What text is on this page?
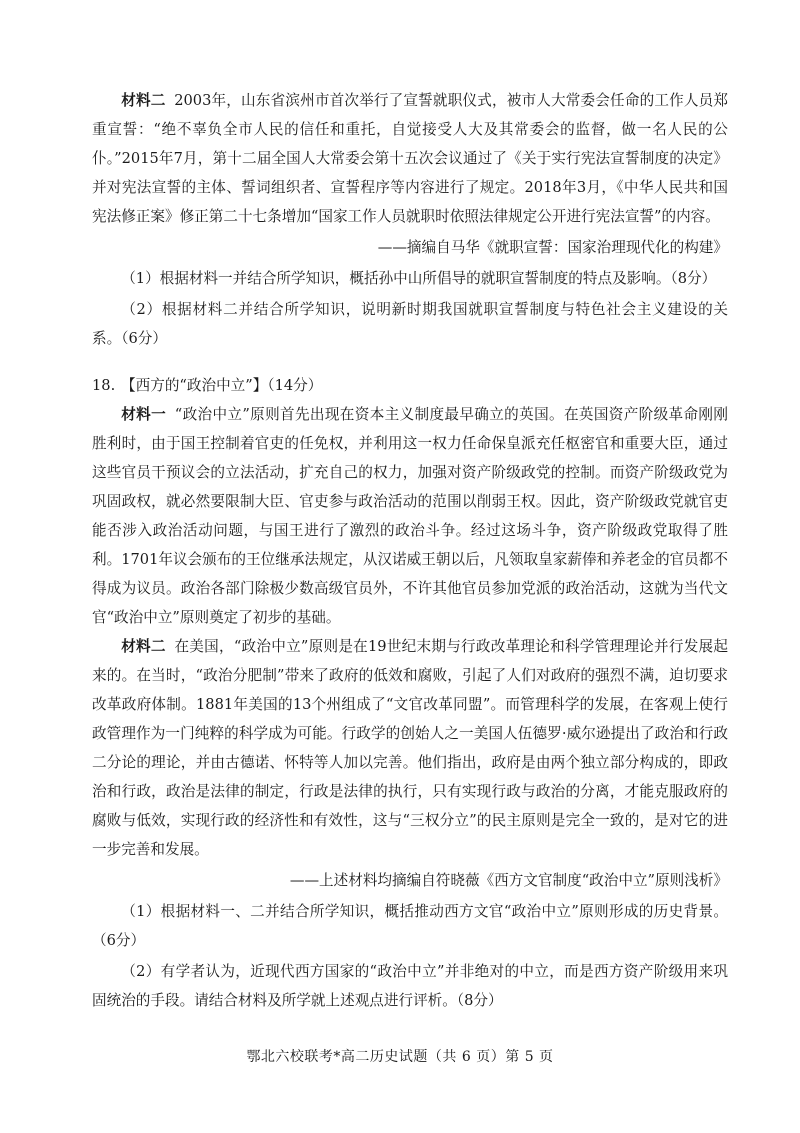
材料二 2003年，山东省滨州市首次举行了宣誓就职仪式，被市人大常委会任命的工作人员郑重宣誓：“绝不辜负全市人民的信任和重托，自觉接受人大及其常委会的监督，做一名人民的公仆。”2015年7月，第十二届全国人大常委会第十五次会议通过了《关于实行宪法宣誓制度的决定》并对宪法宣誓的主体、誓词组织者、宣誓程序等内容进行了规定。2018年3月，《中华人民共和国宪法修正案》修正第二十七条增加“国家工作人员就职时依照法律规定公开进行宪法宣誓”的内容。

——摘编自马华《就职宣誓：国家治理现代化的构建》

（1）根据材料一并结合所学知识，概括孙中山所倡导的就职宣誓制度的特点及影响。（8分）

（2）根据材料二并结合所学知识，说明新时期我国就职宣誓制度与特色社会主义建设的关系。（6分）

18. 【西方的“政治中立”】（14分）

材料一 “政治中立”原则首先出现在资本主义制度最早确立的英国。在英国资产阶级革命刚刚胜利时，由于国王控制着官吏的任免权，并利用这一权力任命保皇派充任枢密官和重要大臣，通过这些官员干预议会的立法活动，扩充自己的权力，加强对资产阶级政党的控制。而资产阶级政党为巩固政权，就必然要限制大臣、官吏参与政治活动的范围以削弱王权。因此，资产阶级政党就官吏能否涉入政治活动问题，与国王进行了激烈的政治斗争。经过这场斗争，资产阶级政党取得了胜利。1701年议会颁布的王位继承法规定，从汉诺威王朝以后，凡领取皇家薪俸和养老金的官员都不得成为议员。政治各部门除极少数高级官员外，不许其他官员参加党派的政治活动，这就为当代文官“政治中立”原则奠定了初步的基础。

材料二 在美国，“政治中立”原则是在19世纪末期与行政改革理论和科学管理理论并行发展起来的。在当时，“政治分肥制”带来了政府的低效和腐败，引起了人们对政府的强烈不满，迫切要求改革政府体制。1881年美国的13个州组成了“文官改革同盟”。而管理科学的发展，在客观上使行政管理作为一门纯粹的科学成为可能。行政学的创始人之一美国人伍德罗·威尔逊提出了政治和行政二分论的理论，并由古德诺、怀特等人加以完善。他们指出，政府是由两个独立部分构成的，即政治和行政，政治是法律的制定，行政是法律的执行，只有实现行政与政治的分离，才能克服政府的腐败与低效，实现行政的经济性和有效性，这与“三权分立”的民主原则是完全一致的，是对它的进一步完善和发展。

——上述材料均摘编自符晓薇《西方文官制度“政治中立”原则浅析》

（1）根据材料一、二并结合所学知识，概括推动西方文官“政治中立”原则形成的历史背景。（6分）

（2）有学者认为，近现代西方国家的“政治中立”并非绝对的中立，而是西方资产阶级用来巩固统治的手段。请结合材料及所学就上述观点进行评析。（8分）

鄂北六校联考*高二历史试题（共 6 页）第 5 页
